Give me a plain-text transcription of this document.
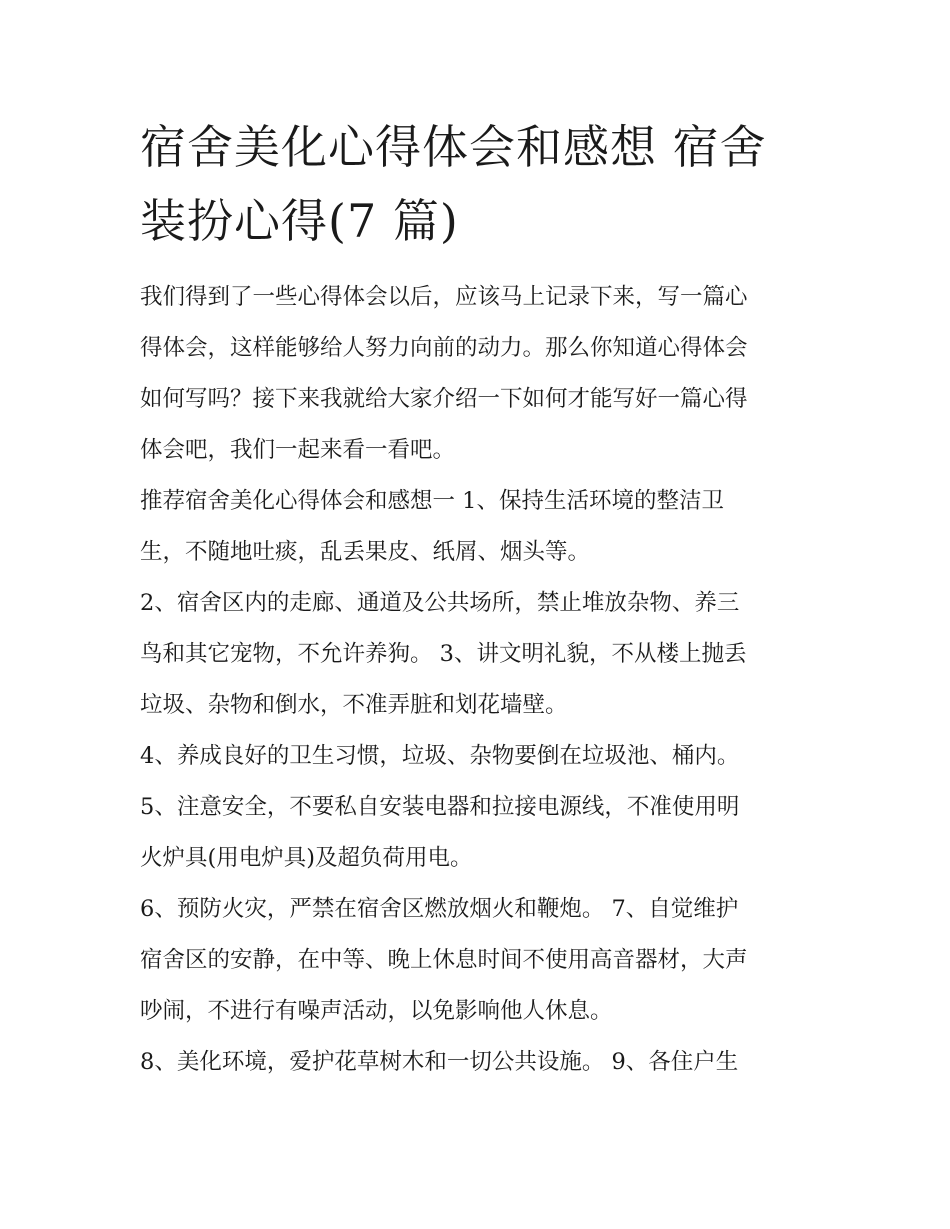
宿舍美化心得体会和感想 宿舍
装扮心得(7 篇)

我们得到了一些心得体会以后，应该马上记录下来，写一篇心
得体会，这样能够给人努力向前的动力。那么你知道心得体会
如何写吗？接下来我就给大家介绍一下如何才能写好一篇心得
体会吧，我们一起来看一看吧。

推荐宿舍美化心得体会和感想一 1、保持生活环境的整洁卫
生，不随地吐痰，乱丢果皮、纸屑、烟头等。

2、宿舍区内的走廊、通道及公共场所，禁止堆放杂物、养三
鸟和其它宠物，不允许养狗。 3、讲文明礼貌，不从楼上抛丢
垃圾、杂物和倒水，不准弄脏和划花墙壁。

4、养成良好的卫生习惯，垃圾、杂物要倒在垃圾池、桶内。

5、注意安全，不要私自安装电器和拉接电源线，不准使用明
火炉具(用电炉具)及超负荷用电。

6、预防火灾，严禁在宿舍区燃放烟火和鞭炮。 7、自觉维护
宿舍区的安静，在中等、晚上休息时间不使用高音器材，大声
吵闹，不进行有噪声活动，以免影响他人休息。

8、美化环境，爱护花草树木和一切公共设施。 9、各住户生
